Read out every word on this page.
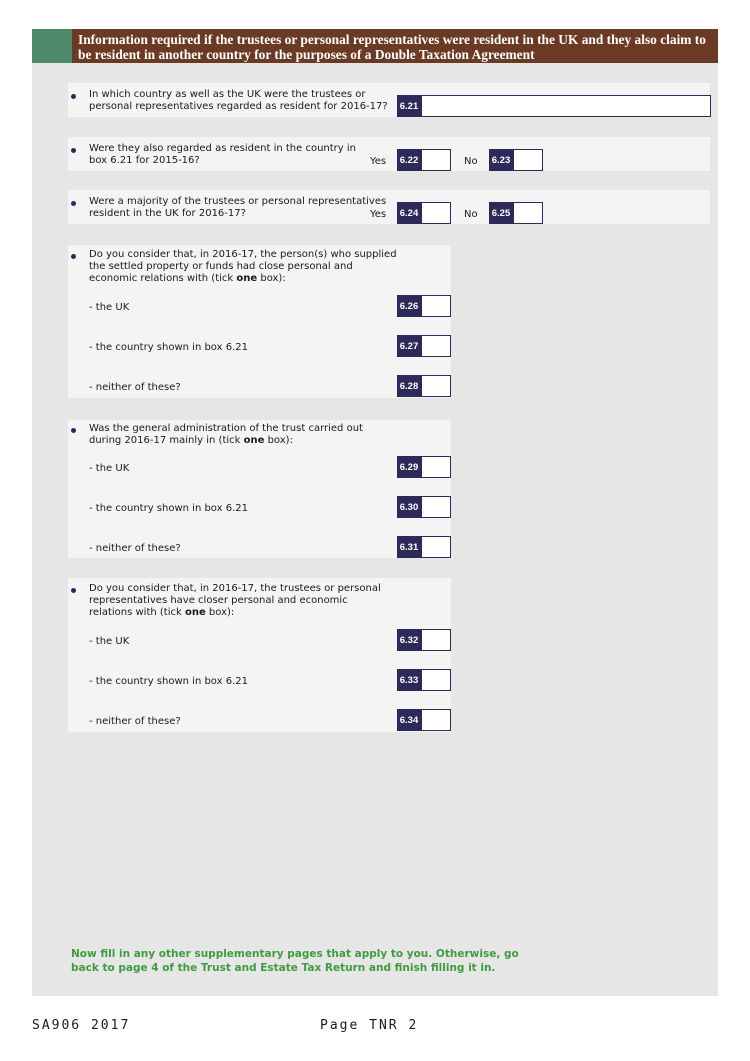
Information required if the trustees or personal representatives were resident in the UK and they also claim to be resident in another country for the purposes of a Double Taxation Agreement
In which country as well as the UK were the trustees or personal representatives regarded as resident for 2016-17? 6.21
Were they also regarded as resident in the country in box 6.21 for 2015-16?	Yes 6.22	No 6.23
Were a majority of the trustees or personal representatives resident in the UK for 2016-17?	Yes 6.24	No 6.25
Do you consider that, in 2016-17, the person(s) who supplied the settled property or funds had close personal and economic relations with (tick one box):
- the UK	6.26
- the country shown in box 6.21	6.27
- neither of these?	6.28
Was the general administration of the trust carried out during 2016-17 mainly in (tick one box):
- the UK	6.29
- the country shown in box 6.21	6.30
- neither of these?	6.31
Do you consider that, in 2016-17, the trustees or personal representatives have closer personal and economic relations with (tick one box):
- the UK	6.32
- the country shown in box 6.21	6.33
- neither of these?	6.34
Now fill in any other supplementary pages that apply to you. Otherwise, go back to page 4 of the Trust and Estate Tax Return and finish filling it in.
SA906 2017	Page TNR 2
